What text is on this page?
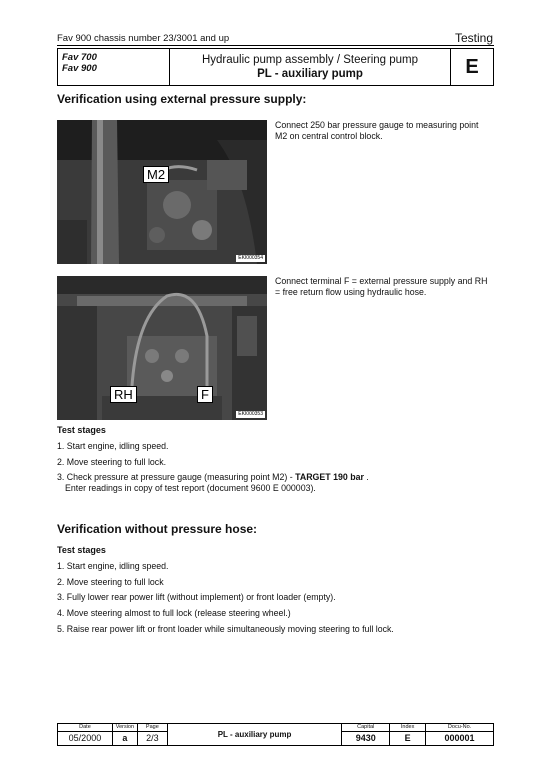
Fav 900 chassis number 23/3001 and up	Testing
Fav 700
Fav 900
Hydraulic pump assembly / Steering pump
PL - auxiliary pump	E
Verification using external pressure supply:
M2
EKI000354
Connect 250 bar pressure gauge to measuring point M2 on central control block.
RH	F
EKI000353
Connect terminal F = external pressure supply and RH = free return flow using hydraulic hose.
Test stages
1. Start engine, idling speed.
2. Move steering to full lock.
3. Check pressure at pressure gauge (measuring point M2) - TARGET 190 bar .
Enter readings in copy of test report (document 9600 E 000003).
Verification without pressure hose:
Test stages
1. Start engine, idling speed.
2. Move steering to full lock
3. Fully lower rear power lift (without implement) or front loader (empty).
4. Move steering almost to full lock (release steering wheel.)
5. Raise rear power lift or front loader while simultaneously moving steering to full lock.
Date	Version	Page	PL - auxiliary pump	Capital	Index	Docu-No.
05/2000	a	2/3		9430	E	000001
